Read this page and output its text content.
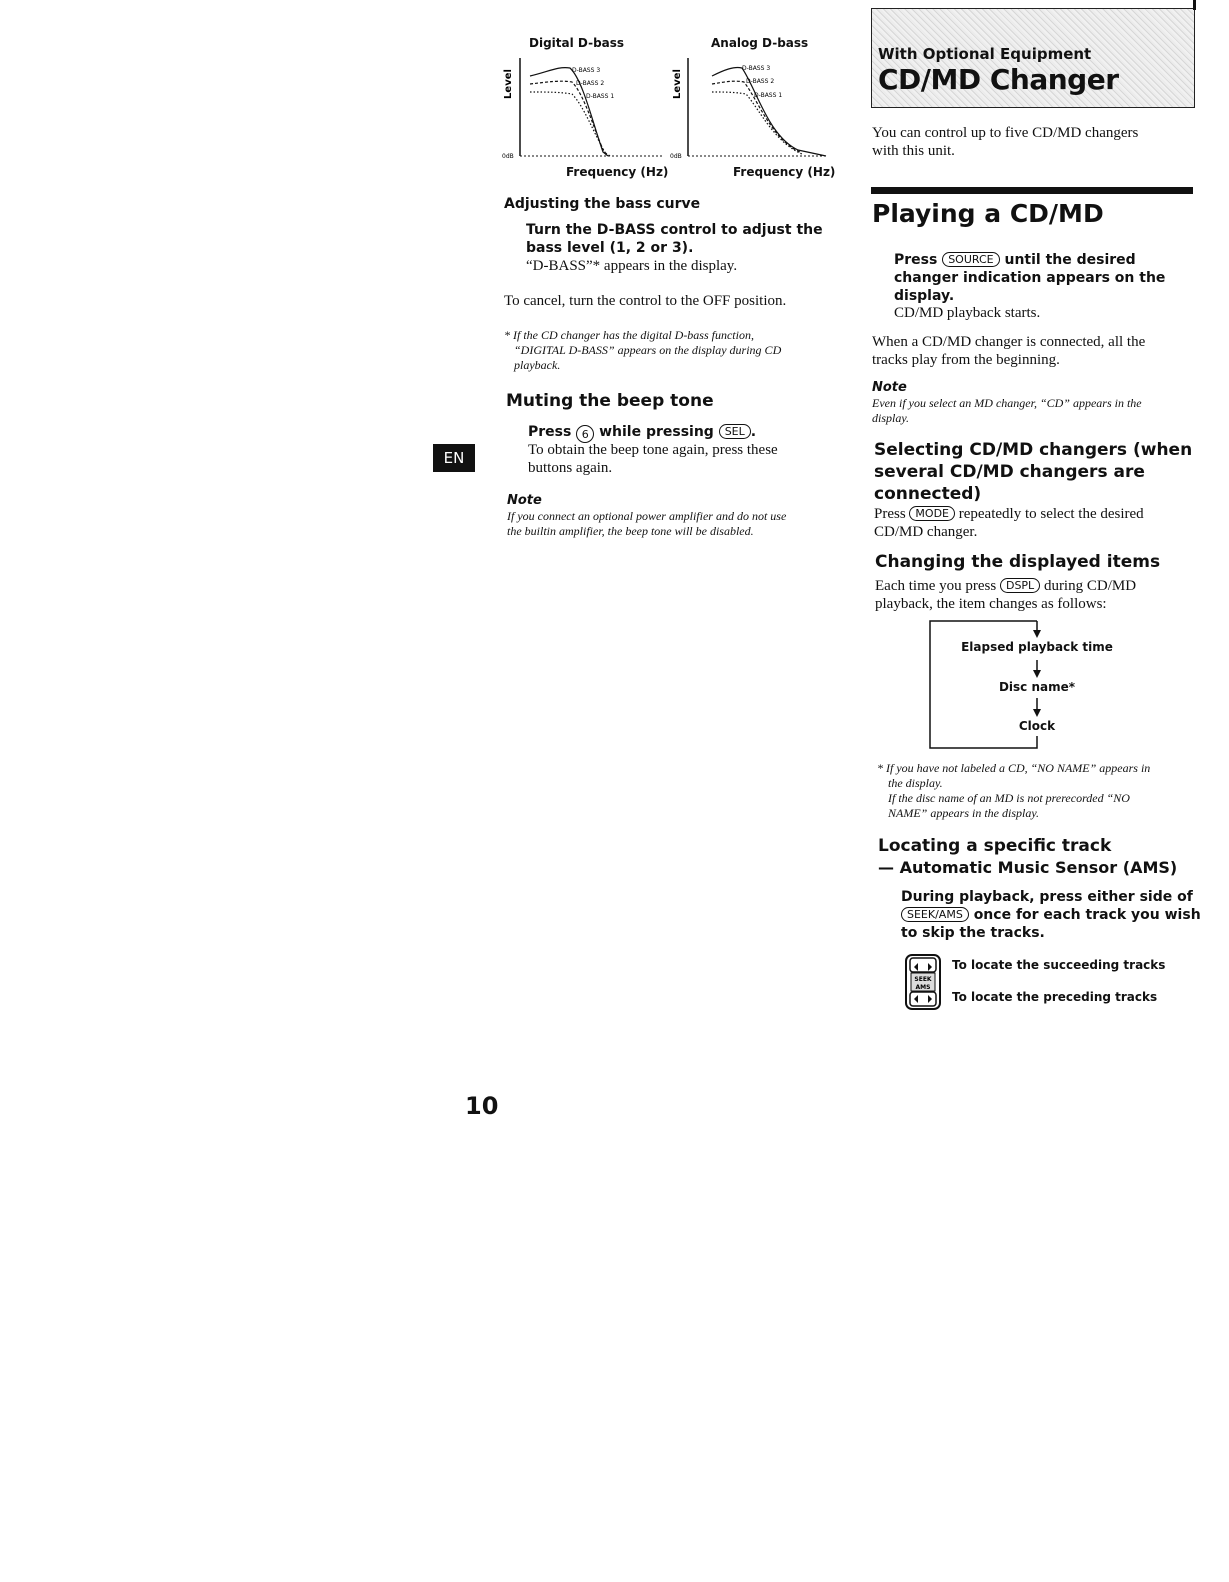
Digital D-bass
Level
0dB
D-BASS 3
D-BASS 2
D-BASS 1
Frequency (Hz)
Analog D-bass
Level
0dB
D-BASS 3
D-BASS 2
D-BASS 1
Frequency (Hz)
Adjusting the bass curve
Turn the D-BASS control to adjust the
bass level (1, 2 or 3).
“D-BASS”* appears in the display.
To cancel, turn the control to the OFF position.
* If the CD changer has the digital D-bass function,
“DIGITAL D-BASS” appears on the display during CD
playback.
Muting the beep tone
Press 6 while pressing SEL .
To obtain the beep tone again, press these
buttons again.
Note
If you connect an optional power amplifier and do not use
the builtin amplifier, the beep tone will be disabled.
EN
10
With Optional Equipment
CD/MD Changer
You can control up to five CD/MD changers
with this unit.
Playing a CD/MD
Press SOURCE until the desired
changer indication appears on the
display.
CD/MD playback starts.
When a CD/MD changer is connected, all the
tracks play from the beginning.
Note
Even if you select an MD changer, “CD” appears in the
display.
Selecting CD/MD changers (when
several CD/MD changers are
connected)
Press MODE repeatedly to select the desired
CD/MD changer.
Changing the displayed items
Each time you press DSPL during CD/MD
playback, the item changes as follows:
Elapsed playback time
Disc name*
Clock
* If you have not labeled a CD, “NO NAME” appears in
the display.
If the disc name of an MD is not prerecorded “NO
NAME” appears in the display.
Locating a specific track
— Automatic Music Sensor (AMS)
During playback, press either side of
SEEK/AMS once for each track you wish
to skip the tracks.
SEEK
AMS
To locate the succeeding tracks
To locate the preceding tracks
